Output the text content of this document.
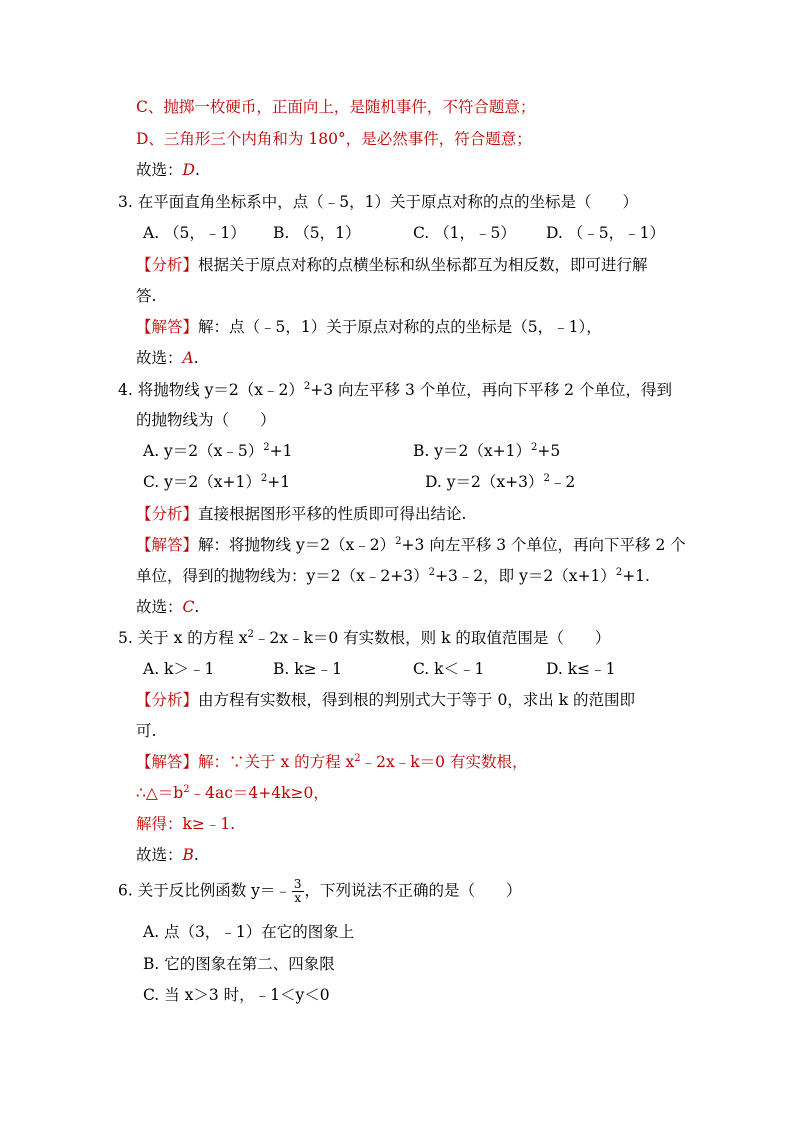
C、抛掷一枚硬币，正面向上，是随机事件，不符合题意；
D、三角形三个内角和为 180°，是必然事件，符合题意；
故选：D.
3. 在平面直角坐标系中，点（﹣5，1）关于原点对称的点的坐标是（　　）
A. （5，﹣1） B. （5，1）	C. （1，﹣5） D. （﹣5，﹣1）
【分析】根据关于原点对称的点横坐标和纵坐标都互为相反数，即可进行解
答.
【解答】解：点（﹣5，1）关于原点对称的点的坐标是（5，﹣1），
故选：A.
4. 将抛物线 y＝2（x﹣2）$^2$+3 向左平移 3 个单位，再向下平移 2 个单位，得到
的抛物线为（　　）
A. y＝2（x﹣5）$^2$+1	B. $y=2(x+1)^2+5$
C. $y=2(x+1)^2+1$	D. $y=2(x+3)^2﹣2$
【分析】直接根据图形平移的性质即可得出结论.
【解答】解：将抛物线 y＝2（x﹣2）$^2$+3 向左平移 3 个单位，再向下平移 2 个
单位，得到的抛物线为：y＝2（x﹣2+3）$^2$+3﹣2，即 $y=2(x+1)^2+1$.
故选：C.
5. 关于 x 的方程 $x^2﹣2x﹣k=0$ 有实数根，则 k 的取值范围是（　　）
A. k＞﹣1	B. k≥﹣1	C. k＜﹣1	D. k≤﹣1
【分析】由方程有实数根，得到根的判别式大于等于 0，求出 k 的范围即
可.
【解答】解：∵关于 x 的方程 $x^2﹣2x﹣k=0$ 有实数根，
$\therefore\triangle=b^2﹣4ac=4+4k\ge 0$，
解得：k≥﹣1.
故选：B.
6. 关于反比例函数 y＝﹣ $\frac{3}{x}$ ，下列说法不正确的是（　　）
A. 点（3，﹣1）在它的图象上
B. 它的图象在第二、四象限
C. 当 x＞3 时，﹣1＜y＜0
